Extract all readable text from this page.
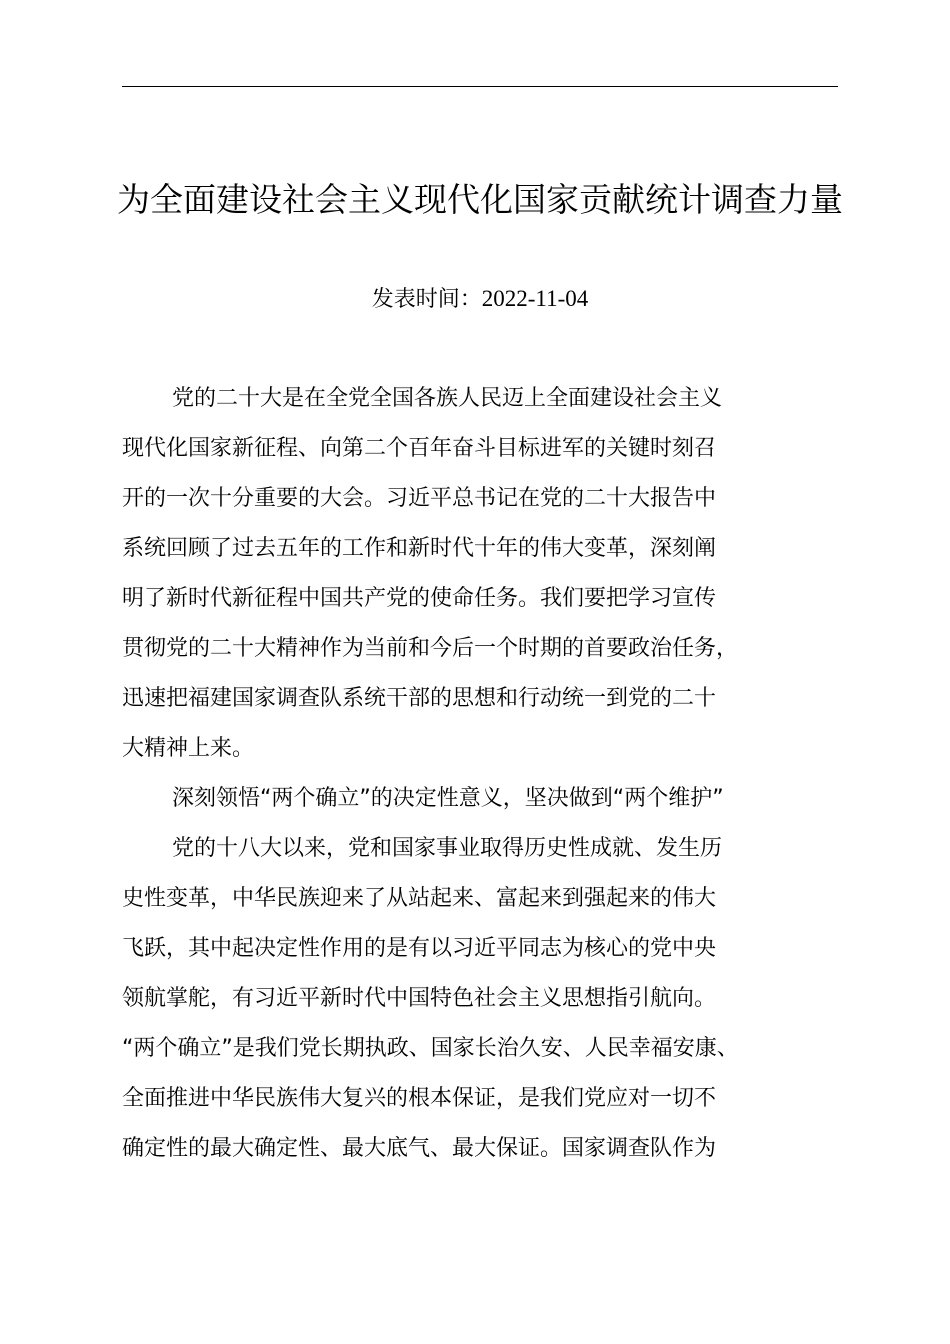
为全面建设社会主义现代化国家贡献统计调查力量
发表时间：2022-11-04
党的二十大是在全党全国各族人民迈上全面建设社会主义
现代化国家新征程、向第二个百年奋斗目标进军的关键时刻召
开的一次十分重要的大会。习近平总书记在党的二十大报告中
系统回顾了过去五年的工作和新时代十年的伟大变革，深刻阐
明了新时代新征程中国共产党的使命任务。我们要把学习宣传
贯彻党的二十大精神作为当前和今后一个时期的首要政治任务，
迅速把福建国家调查队系统干部的思想和行动统一到党的二十
大精神上来。
深刻领悟“两个确立”的决定性意义，坚决做到“两个维护”
党的十八大以来，党和国家事业取得历史性成就、发生历
史性变革，中华民族迎来了从站起来、富起来到强起来的伟大
飞跃，其中起决定性作用的是有以习近平同志为核心的党中央
领航掌舵，有习近平新时代中国特色社会主义思想指引航向。
“两个确立”是我们党长期执政、国家长治久安、人民幸福安康、
全面推进中华民族伟大复兴的根本保证，是我们党应对一切不
确定性的最大确定性、最大底气、最大保证。国家调查队作为
